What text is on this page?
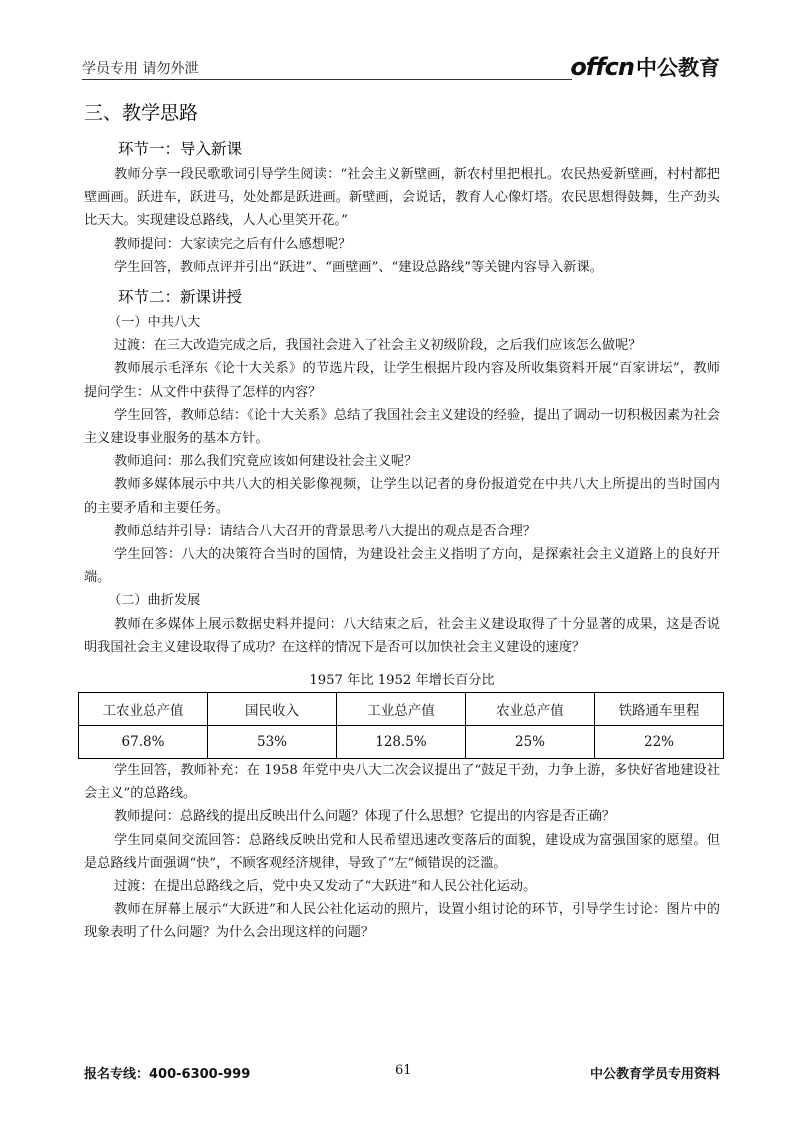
学员专用 请勿外泄	offcn中公教育
三、教学思路
环节一：导入新课

教师分享一段民歌歌词引导学生阅读：“社会主义新壁画，新农村里把根扎。农民热爱新壁画，村村都把壁画画。跃进车，跃进马，处处都是跃进画。新壁画，会说话，教育人心像灯塔。农民思想得鼓舞，生产劲头比天大。实现建设总路线，人人心里笑开花。”

教师提问：大家读完之后有什么感想呢？

学生回答，教师点评并引出“跃进”、“画壁画”、“建设总路线”等关键内容导入新课。

环节二：新课讲授

（一）中共八大

过渡：在三大改造完成之后，我国社会进入了社会主义初级阶段，之后我们应该怎么做呢？

教师展示毛泽东《论十大关系》的节选片段，让学生根据片段内容及所收集资料开展“百家讲坛”，教师提问学生：从文件中获得了怎样的内容？

学生回答，教师总结：《论十大关系》总结了我国社会主义建设的经验，提出了调动一切积极因素为社会主义建设事业服务的基本方针。

教师追问：那么我们究竟应该如何建设社会主义呢？

教师多媒体展示中共八大的相关影像视频，让学生以记者的身份报道党在中共八大上所提出的当时国内的主要矛盾和主要任务。

教师总结并引导：请结合八大召开的背景思考八大提出的观点是否合理？

学生回答：八大的决策符合当时的国情，为建设社会主义指明了方向，是探索社会主义道路上的良好开端。

（二）曲折发展

教师在多媒体上展示数据史料并提问：八大结束之后，社会主义建设取得了十分显著的成果，这是否说明我国社会主义建设取得了成功？在这样的情况下是否可以加快社会主义建设的速度？

1957 年比 1952 年增长百分比
工农业总产值	国民收入	工业总产值	农业总产值	铁路通车里程
67.8%	53%	128.5%	25%	22%

学生回答，教师补充：在 1958 年党中央八大二次会议提出了“鼓足干劲，力争上游，多快好省地建设社会主义”的总路线。

教师提问：总路线的提出反映出什么问题？体现了什么思想？它提出的内容是否正确？

学生同桌间交流回答：总路线反映出党和人民希望迅速改变落后的面貌，建设成为富强国家的愿望。但是总路线片面强调“快”，不顾客观经济规律，导致了“左”倾错误的泛滥。

过渡：在提出总路线之后，党中央又发动了“大跃进”和人民公社化运动。

教师在屏幕上展示“大跃进”和人民公社化运动的照片，设置小组讨论的环节，引导学生讨论：图片中的现象表明了什么问题？为什么会出现这样的问题？

报名专线：400-6300-999	61	中公教育学员专用资料
